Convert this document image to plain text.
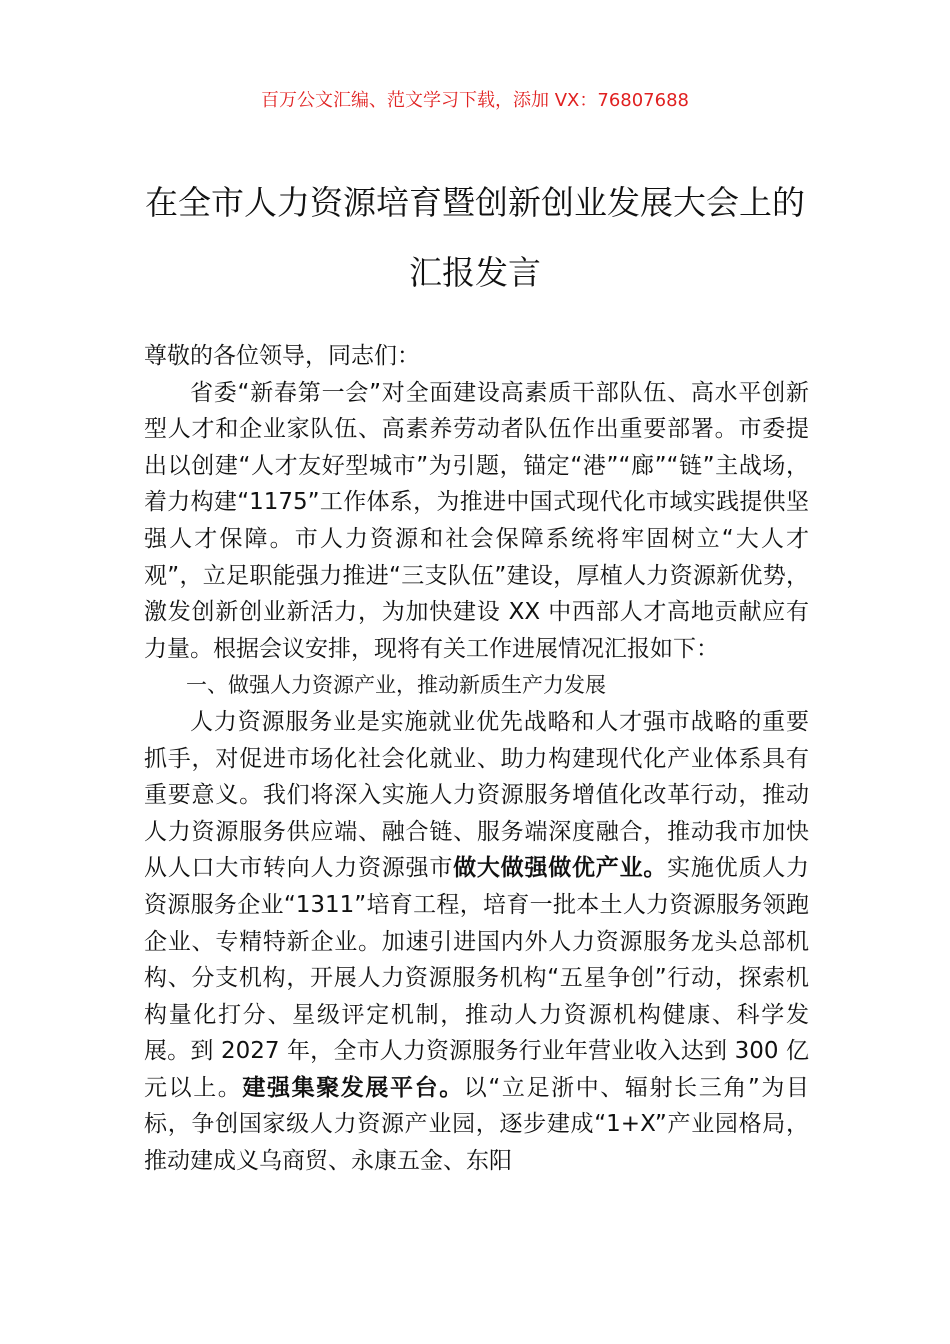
百万公文汇编、范文学习下载，添加 VX：76807688
在全市人力资源培育暨创新创业发展大会上的汇报发言

尊敬的各位领导，同志们：

省委“新春第一会”对全面建设高素质干部队伍、高水平创新型人才和企业家队伍、高素养劳动者队伍作出重要部署。市委提出以创建“人才友好型城市”为引题，锚定“港”“廊”“链”主战场，着力构建“1175”工作体系，为推进中国式现代化市域实践提供坚强人才保障。市人力资源和社会保障系统将牢固树立“大人才观”，立足职能强力推进“三支队伍”建设，厚植人力资源新优势，激发创新创业新活力，为加快建设 XX 中西部人才高地贡献应有力量。根据会议安排，现将有关工作进展情况汇报如下：

一、做强人力资源产业，推动新质生产力发展

人力资源服务业是实施就业优先战略和人才强市战略的重要抓手，对促进市场化社会化就业、助力构建现代化产业体系具有重要意义。我们将深入实施人力资源服务增值化改革行动，推动人力资源服务供应端、融合链、服务端深度融合，推动我市加快从人口大市转向人力资源强市做大做强做优产业。实施优质人力资源服务企业“1311”培育工程，培育一批本土人力资源服务领跑企业、专精特新企业。加速引进国内外人力资源服务龙头总部机构、分支机构，开展人力资源服务机构“五星争创”行动，探索机构量化打分、星级评定机制，推动人力资源机构健康、科学发展。到 2027 年，全市人力资源服务行业年营业收入达到 300 亿元以上。建强集聚发展平台。以“立足浙中、辐射长三角”为目标，争创国家级人力资源产业园，逐步建成“1+X”产业园格局，推动建成义乌商贸、永康五金、东阳
